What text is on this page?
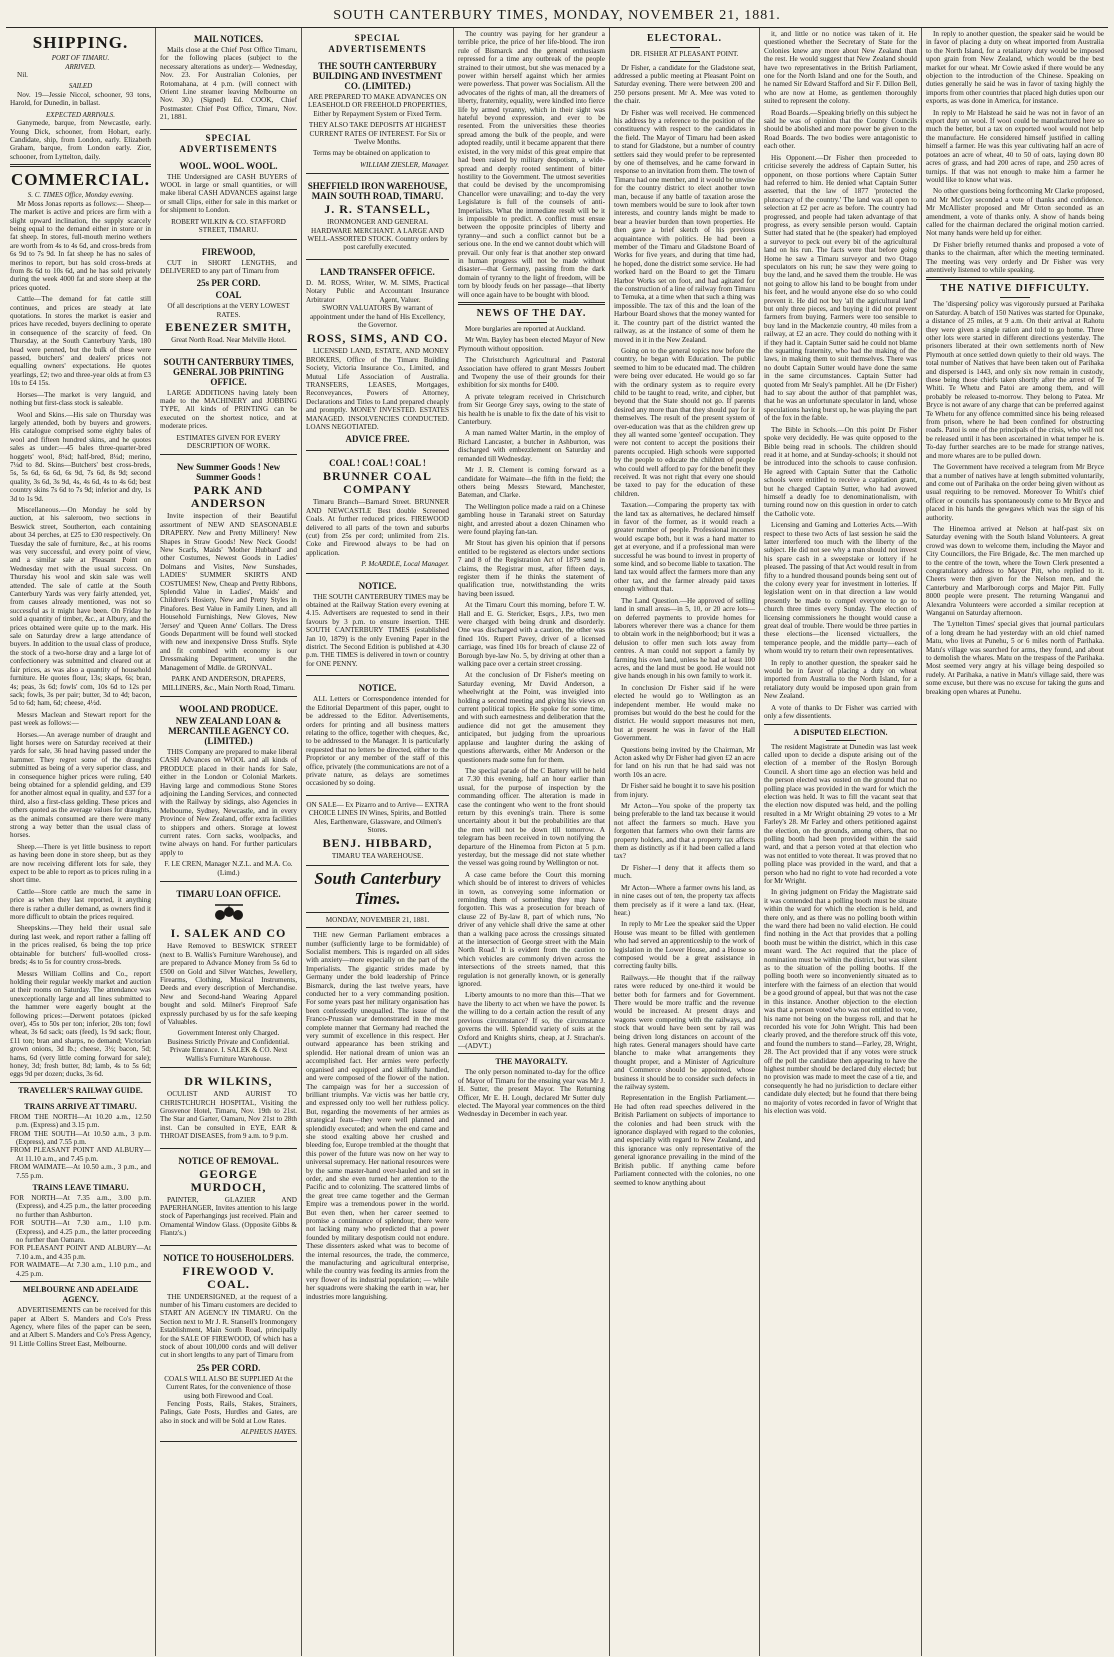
SOUTH CANTERBURY TIMES, MONDAY, NOVEMBER 21, 1881.
SHIPPING.
PORT OF TIMARU.
ARRIVED.

Nil.

SAILED

Nov. 19—Jessie Niccol, schooner, 93 tons, Harold, for Dunedin, in ballast.

EXPECTED ARRIVALS.

Ganymede, barque, from Newcastle, early. Young Dick, schooner, from Hobart, early. Candidate, ship, from London, early. Elizabeth Graham, barque, from London early. Zior, schooner, from Lyttelton, daily.

COMMERCIAL.
S. C. TIMES Office, Monday evening.

Mr Moss Jonas reports as follows:— Sheep—The market is active and prices are firm with a slight upward inclination, the supply scarcely being equal to the demand either in store or in fat sheep. In stores, full-mouth merino wethers are worth from 4s to 4s 6d, and cross-breds from 6s 9d to 7s 9d. In fat sheep he has no sales of merinos to report, but has sold cross-breds at from 8s 6d to 10s 6d, and he has sold privately during the week 4000 fat and store sheep at the prices quoted.

Cattle—The demand for fat cattle still continues, and prices are steady at late quotations. In stores the market is easier and prices have receded, buyers declining to operate in consequence of the scarcity of feed. On Thursday, at the South Canterbury Yards, 180 head were penned, but the bulk of these were passed, butchers' and dealers' prices not equalling owners' expectations. He quotes yearlings, £2; two and three-year olds at from £3 10s to £4 15s.

Horses—The market is very languid, and nothing but first-class stock is saleable.

Wool and Skins.—His sale on Thursday was largely attended, both by buyers and growers. His catalogue comprised some eighty bales of wool and fifteen hundred skins, and he quotes sales as under:—45 bales three-quarter-bred hoggets' wool, 8¼d; half-bred, 8¼d; merino, 7¼d to 8d. Skins—Butchers' best cross-breds, 5s, 5s 6d, 6s 6d, 6s 9d, 7s 6d, 8s 9d; second quality, 3s 6d, 3s 9d, 4s, 4s 6d, 4s to 4s 6d; best country skins 7s 6d to 7s 9d; inferior and dry, 1s 3d to 1s 9d.

Miscellaneous.—On Monday he sold by auction, at his saleroom, two sections in Beswick street, Southerton, each containing about 34 perches, at £25 to £30 respectively. On Tuesday the sale of furniture, &c., at his rooms was very successful, and every point of view, and a similar sale at Pleasant Point on Wednesday met with the usual success. On Thursday his wool and skin sale was well attended. The sale of cattle at the South Canterbury Yards was very fairly attended, yet, from causes already mentioned, was not so successful as it might have been. On Friday he sold a quantity of timber, &c., at Albury, and the prices obtained were quite up to the mark. His sale on Saturday drew a large attendance of buyers. In addition to the usual class of produce, the stock of a two-horse dray and a large lot of confectionery was submitted and cleared out at fair prices, as was also a quantity of household furniture. He quotes flour, 13s; skaps, 6s; bran, 4s; peas, 3s 6d; fowls' com, 10s 6d to 12s per sack; fowls, 3s per pair; butter, 3d to 4d; bacon, 5d to 6d; ham, 6d; cheese, 4½d.

Messrs Maclean and Stewart report for the past week as follows:—

Horses.—An average number of draught and light horses were on Saturday received at their yards for sale, 36 head having passed under the hammer. They regret some of the draughts submitted as being of a very superior class, and in consequence higher prices were ruling, £40 being obtained for a splendid gelding, and £39 for another almost equal in quality, and £37 for a third, also a first-class gelding. These prices and others quoted as the average values for draughts, as the animals consumed are there were many strong a way better than the usual class of horses.

Sheep.—There is yet little business to report as having been done in store sheep, but as they are now receiving different lots for sale, they expect to be able to report as to prices ruling in a short time.

Cattle—Store cattle are much the same in price as when they last reported, it anything there is rather a duller demand, as owners find it more difficult to obtain the prices required.

Sheepskins.—They held their usual sale during last week, and report rather a falling off in the prices realised, 6s being the top price obtainable for butchers' full-woolled cross-breds; 4s to 5s for country cross-breds.

Messrs William Collins and Co., report holding their regular weekly market and auction at their rooms on Saturday. The attendance was unexceptionally large and all lines submitted to the hammer were eagerly bought at the following prices:—Derwent potatoes (picked over), 45s to 50s per ton; inferior, 20s ton; fowl wheat, 3s 6d sack; oats (feed), 1s 9d sack; flour, £11 ton; bran and sharps, no demand; Victorian grown onions, 3d lb.; cheese, 3½; bacon, 5d; hams, 6d (very little coming forward for sale); honey, 3d; fresh butter, 8d; lamb, 4s to 5s 6d; eggs 9d per dozen; ducks, 3s 6d.

TRAVELLER'S RAILWAY GUIDE.
TRAINS ARRIVE AT TIMARU.
FROM THE NORTH—At 10.20 a.m., 12.50 p.m. (Express) and 3.15 p.m.
FROM THE SOUTH—At 10.50 a.m., 3 p.m. (Express), and 7.55 p.m.
FROM PLEASANT POINT AND ALBURY—At 11.10 a.m., and 7.45 p.m.
FROM WAIMATE—At 10.50 a.m., 3 p.m., and 7.55 p.m.
TRAINS LEAVE TIMARU.
FOR NORTH—At 7.35 a.m., 3.00 p.m. (Express), and 4.25 p.m., the latter proceeding no further than Ashburton.
FOR SOUTH—At 7.30 a.m., 1.10 p.m. (Express), and 4.25 p.m., the latter proceeding no further than Oamaru.
FOR PLEASANT POINT AND ALBURY—At 7.10 a.m., and 4.35 p.m.
FOR WAIMATE—At 7.30 a.m., 1.10 p.m., and 4.25 p.m.
MELBOURNE AND ADELAIDE AGENCY.

ADVERTISEMENTS can be received for this paper at Albert S. Manders and Co's Press Agency, where files of the paper can be seen, and at Albert S. Manders and Co's Press Agency, 91 Little Collins Street East, Melbourne.

MAIL NOTICES.

Mails close at the Chief Post Office Timaru, for the following places (subject to the necessary alterations as under):— Wednesday, Nov. 23. For Australian Colonies, per Rotomahana, at 4 p.m. (will connect with Orient Line steamer leaving Melbourne on Nov. 30.) (Signed) Ed. COOK, Chief Postmaster. Chief Post Office, Timaru, Nov. 21, 1881.

SPECIAL ADVERTISEMENTS
WOOL. WOOL. WOOL.

THE Undersigned are CASH BUYERS of WOOL in large or small quantities, or will make liberal CASH ADVANCES against large or small Clips, either for sale in this market or for shipment to London.

ROBERT WILKIN & CO. STAFFORD STREET, TIMARU.
FIREWOOD,

CUT in SHORT LENGTHS, and DELIVERED to any part of Timaru from

25s PER CORD.
COAL
Of all descriptions at the VERY LOWEST RATES.
EBENEZER SMITH,
Great North Road. Near Melville Hotel.
SOUTH CANTERBURY TIMES, GENERAL JOB PRINTING OFFICE.

LARGE ADDITIONS having lately been made to the MACHINERY and JOBBING TYPE, All kinds of PRINTING can be executed on the shortest notice, and at moderate prices.

ESTIMATES GIVEN FOR EVERY DESCRIPTION OF WORK.
New Summer Goods ! New Summer Goods !
PARK AND ANDERSON

Invite inspection of their Beautiful assortment of NEW AND SEASONABLE DRAPERY. New and Pretty Millinery! New Shapes in Straw Goods! New Neck Goods! New Scarfs, Maids' 'Mother Hubbard' and other Costumes, Newest Goods in Ladies' Dolmans and Visites, New Sunshades, LADIES' SUMMER SKIRTS AND COSTUMES! New, Cheap and Pretty Ribbons, Splendid Value in Ladies', Maids' and Children's Hosiery, New and Pretty Styles in Pinafores. Best Value in Family Linen, and all Household Furnishings, New Gloves, New 'Jersey' and 'Queen Anne' Collars. The Dress Goods Department will be found well stocked with new and inexpensive Dress Stuffs. Style and fit combined with economy is our Dressmaking Department, under the Management of Mdlle. de GRONVAL.

PARK AND ANDERSON, DRAPERS, MILLINERS, &c., Main North Road, Timaru.
WOOL AND PRODUCE.
NEW ZEALAND LOAN & MERCANTILE AGENCY CO. (LIMITED.)

THIS Company are prepared to make liberal CASH Advances on WOOL and all kinds of PRODUCE placed in their hands for Sale, either in the London or Colonial Markets. Having large and commodious Stone Stores adjoining the Landing Services, and connected with the Railway by sidings, also Agencies in Melbourne, Sydney, Newcastle, and in every Province of New Zealand, offer extra facilities to shippers and others. Storage at lowest current rates. Corn sacks, woolpacks, and twine always on hand. For further particulars apply to

F. LE CREN, Manager N.Z.L. and M.A. Co. (Limd.)
TIMARU LOAN OFFICE.
I. SALEK AND CO

Have Removed to BESWICK STREET (next to B. Wallis's Furniture Warehouse), and are prepared to Advance Money from 5s 6d to £500 on Gold and Silver Watches, Jewellery, Firearms, Clothing, Musical Instruments, Deeds and every description of Merchandise. New and Second-hand Wearing Apparel bought and sold. Milner's Fireproof Safe expressly purchased by us for the safe keeping of Valuables.

Government Interest only Charged.
Business Strictly Private and Confidential.
Private Entrance. I. SALEK & CO. Next Wallis's Furniture Warehouse.
DR WILKINS,

OCULIST AND AURIST TO CHRISTCHURCH HOSPITAL, Visiting the Grosvenor Hotel, Timaru, Nov. 19th to 21st. The Star and Garter, Oamaru, Nov 21st to 28th inst. Can be consulted in EYE, EAR & THROAT DISEASES, from 9 a.m. to 9 p.m.

NOTICE OF REMOVAL.
GEORGE MURDOCH,

PAINTER, GLAZIER AND PAPERHANGER, Invites attention to his large stock of Paperhangings just received. Plain and Ornamental Window Glass. (Opposite Gibbs & Flantz's.)

NOTICE TO HOUSEHOLDERS.
FIREWOOD V. COAL.

THE UNDERSIGNED, at the request of a number of his Timaru customers are decided to START AN AGENCY IN TIMARU. On the Section next to Mr J. R. Stansell's Ironmongery Establishment, Main South Road, principally for the SALE OF FIREWOOD, Of which has a stock of about 100,000 cords and will deliver cut in short lengths to any part of Timaru from

25s PER CORD.
COALS WILL ALSO BE SUPPLIED At the Current Rates, for the convenience of those using both Firewood and Coal.

Fencing Posts, Rails, Stakes, Strainers, Palings, Gate Posts, Hurdles and Gates, are also in stock and will be Sold at Low Rates.

ALPHEUS HAYES.
SPECIAL ADVERTISEMENTS
THE SOUTH CANTERBURY BUILDING AND INVESTMENT CO. (LIMITED.)

ARE PREPARED TO MAKE ADVANCES ON LEASEHOLD OR FREEHOLD PROPERTIES, Either by Repayment System or Fixed Term.

THEY ALSO TAKE DEPOSITS AT HIGHEST CURRENT RATES OF INTEREST. For Six or Twelve Months.

Terms may be obtained on application to

WILLIAM ZIESLER, Manager.
SHEFFIELD IRON WAREHOUSE, MAIN SOUTH ROAD, TIMARU.
J. R. STANSELL,

IRONMONGER AND GENERAL HARDWARE MERCHANT. A LARGE AND WELL-ASSORTED STOCK. Country orders by post carefully executed.

LAND TRANSFER OFFICE.
D. M. ROSS, Writer, Notary Public and Arbitrator
W. M. SIMS, Practical Accountant Insurance Agent, Valuer.

SWORN VALUATORS By warrant of appointment under the hand of His Excellency, the Governor.

ROSS, SIMS, AND CO.

LICENSED LAND, ESTATE, AND MONEY BROKERS, Office of the Timaru Building Society, Victoria Insurance Co., Limited, and Mutual Life Association of Australia. TRANSFERS, LEASES, Mortgages, Reconveyances, Powers of Attorney, Declarations and Titles to Land prepared cheaply and promptly. MONEY INVESTED. ESTATES MANAGED. INSOLVENCIES CONDUCTED. LOANS NEGOTIATED.

ADVICE FREE.
COAL ! COAL ! COAL !
BRUNNER COAL COMPANY

Timaru Branch—Barnard Street. BRUNNER AND NEWCASTLE Best double Screened Coals. At further reduced prices. FIREWOOD delivered to all parts of the town and suburbs (cut) from 25s per cord; unlimited from 21s. Coke and Firewood always to be had on application.

P. McARDLE, Local Manager.
NOTICE.

THE SOUTH CANTERBURY TIMES may be obtained at the Railway Station every evening at 4.15. Advertisers are requested to send in their favours by 3 p.m. to ensure insertion. THE SOUTH CANTERBURY TIMES (established Jan 10, 1879) is the only Evening Paper in the district. The Second Edition is published at 4.30 p.m. THE TIMES is delivered in town or country for ONE PENNY.

NOTICE.

ALL Letters or Correspondence intended for the Editorial Department of this paper, ought to be addressed to the Editor. Advertisements, orders for printing and all business matters relating to the office, together with cheques, &c, to be addressed to the Manager. It is particularly requested that no letters be directed, either to the Proprietor or any member of the staff of this office, privately (the communications are not of a private nature, as delays are sometimes occasioned by so doing.

ON SALE— Ex Pizarro and to Arrive— EXTRA CHOICE LINES IN Wines, Spirits, and Bottled Ales, Earthenware, Glassware, and Oilmen's Stores.

BENJ. HIBBARD,
TIMARU TEA WAREHOUSE.
South Canterbury Times.
MONDAY, NOVEMBER 21, 1881.

THE new German Parliament embraces a number (sufficiently large to be formidable) of Socialist members. This is regarded on all sides with anxiety—more especially on the part of the Imperialists. The gigantic strides made by Germany under the bold leadership of Prince Bismarck, during the last twelve years, have conducted her to a very commanding position. For some years past her military organisation has been confessedly unequalled. The issue of the Franco-Prussian war demonstrated in the most complete manner that Germany had reached the very summit of excellence in this respect. Her outward appearance has been striking and splendid. Her national dream of union was an accomplished fact. Her armies were perfectly organised and equipped and skilfully handled, and were composed of the flower of the nation. The campaign was for her a succession of brilliant triumphs. Væ victis was her battle cry, and expressed only too well her ruthless policy. But, regarding the movements of her armies as strategical feats—they were well planned and splendidly executed; and when the end came and she stood exalting above her crushed and bleeding foe, Europe trembled at the thought that this power of the future was now on her way to universal supremacy. Her national resources were by the same master-hand over-hauled and set in order, and she even turned her attention to the Pacific and to colonizing. The scattered limbs of the great tree came together and the German Empire was a tremendous power in the world. But even then, when her career seemed to promise a continuance of splendour, there were not lacking many who predicted that a power founded by military despotism could not endure. These dissenters asked what was to become of the internal resources, the trade, the commerce, the manufacturing and agricultural enterprise, while the country was feeding its armies from the very flower of its industrial population; — while her squadrons were shaking the earth in war, her industries more languishing.

The country was paying for her grandeur a terrible price, the price of her life-blood. The iron rule of Bismarck and the general enthusiasm repressed for a time any outbreak of the people strained to their utmost, but she was menaced by a power within herself against which her armies were powerless. That power was Socialism. All the advocates of the rights of man, all the dreamers of liberty, fraternity, equality, were kindled into fierce life by armed tyranny, which in their sight was hateful beyond expression, and ever to be resented. From the universities these theories spread among the bulk of the people, and were adopted readily, until it became apparent that there existed, in the very midst of this great empire that had been raised by military despotism, a wide-spread and deeply rooted sentiment of bitter hostility to the Government. The utmost severities that could be devised by the uncompromising Chancellor were unavailing; and to-day the very Legislature is full of the counsels of anti-Imperialists. What the immediate result will be it is impossible to predict. A conflict must ensue between the opposite principles of liberty and tyranny—and such a conflict cannot but be a serious one. In the end we cannot doubt which will prevail. Our only fear is that another step onward in human progress will not be made without disaster—that Germany, passing from the dark domain of tyranny to the light of freedom, will be torn by bloody feuds on her passage—that liberty will once again have to be bought with blood.

NEWS OF THE DAY.

More burglaries are reported at Auckland.

Mr Wm. Bayley has been elected Mayor of New Plymouth without opposition.

The Christchurch Agricultural and Pastoral Association have offered to grant Messrs Joubert and Twopeny the use of their grounds for their exhibition for six months for £400.

A private telegram received in Christchurch from Sir George Grey says, owing to the state of his health he is unable to fix the date of his visit to Canterbury.

A man named Walter Martin, in the employ of Richard Lancaster, a butcher in Ashburton, was discharged with embezzlement on Saturday and remanded till Wednesday.

Mr J. R. Clement is coming forward as a candidate for Waimate—the fifth in the field; the others being Messrs Steward, Manchester, Bateman, and Clarke.

The Wellington police made a raid on a Chinese gambling house in Taranaki street on Saturday night, and arrested about a dozen Chinamen who were found playing fan-tan.

Mr Stout has given his opinion that if persons entitled to be registered as electors under sections 7 and 8 of the Registration Act of 1879 send in claims, the Registrar must, after fifteen days, register them if he thinks the statement of qualification true, notwithstanding the writs having been issued.

At the Timaru Court this morning, before T. W. Hall and E. G. Stericker, Esqrs., J.P.s, two men were charged with being drunk and disorderly. One was discharged with a caution, the other was fined 10s. Rupert Pavey, driver of a licensed carriage, was fined 10s for breach of clause 22 of Borough bye-law No. 5, by driving at other than a walking pace over a certain street crossing.

At the conclusion of Dr Fisher's meeting on Saturday evening, Mr David Anderson, a wheelwright at the Point, was inveigled into holding a second meeting and giving his views on current political topics. He spoke for some time, and with such earnestness and deliberation that the audience did not get the amusement they anticipated, but judging from the uproarious applause and laughter during the asking of questions afterwards, either Mr Anderson or the questioners made some fun for them.

The special parade of the C Battery will be held at 7.30 this evening, half an hour earlier than usual, for the purpose of inspection by the commanding officer. The alteration is made in case the contingent who went to the front should return by this evening's train. There is some uncertainty about it but the probabilities are that the men will not be down till tomorrow. A telegram has been received in town notifying the departure of the Hinemoa from Picton at 5 p.m. yesterday, but the message did not state whether the vessel was going round by Wellington or not.

A case came before the Court this morning which should be of interest to drivers of vehicles in town, as conveying some information or reminding them of something they may have forgotten. This was a prosecution for breach of clause 22 of By-law 8, part of which runs, 'No driver of any vehicle shall drive the same at other than a walking pace across the crossings situated at the intersection of George street with the Main North Road.' It is evident from the caution to which vehicles are commonly driven across the intersections of the streets named, that this regulation is not generally known, or is generally ignored.

Liberty amounts to no more than this—That we have the liberty to act when we have the power. Is the willing to do a certain action the result of any previous circumstance? If so, the circumstance governs the will. Splendid variety of suits at the Oxford and Knights shirts, cheap, at J. Strachan's.—(ADVT.)

THE MAYORALTY.

The only person nominated to-day for the office of Mayor of Timaru for the ensuing year was Mr J. H. Sutter, the present Mayor. The Returning Officer, Mr E. H. Lough, declared Mr Sutter duly elected. The Mayoral year commences on the third Wednesday in December in each year.

ELECTORAL.
DR. FISHER AT PLEASANT POINT.

Dr Fisher, a candidate for the Gladstone seat, addressed a public meeting at Pleasant Point on Saturday evening. There were between 200 and 250 persons present. Mr A. Mee was voted to the chair.

Dr Fisher was well received. He commenced his address by a reference to the position of the constituency with respect to the candidates in the field. The Mayor of Timaru had been asked to stand for Gladstone, but a number of country settlers said they would prefer to be represented by one of themselves, and he came forward in response to an invitation from them. The town of Timaru had one member, and it would be unwise for the country district to elect another town man, because if any battle of taxation arose the town members would be sure to look after town interests, and country lands might be made to bear a heavier burden than town properties. He then gave a brief sketch of his previous acquaintance with politics. He had been a member of the Timaru and Gladstone Board of Works for five years, and during that time had, he hoped, done the district some service. He had worked hard on the Board to get the Timaru Harbor Works set on foot, and had agitated for the construction of a line of railway from Timaru to Temuka, at a time when that such a thing was impossible. The tax of this and the loan of the Harbour Board shows that the money wanted for it. The country part of the district wanted the railway, as at the instance of some of them he moved in it in the New Zealand.

Going on to the general topics now before the country, he began with Education. The public seemed to him to be educated mad. The children were being over educated. He would go so far with the ordinary system as to require every child to be taught to read, write, and cipher, but beyond that the State should not go. If parents desired any more than that they should pay for it themselves. The result of the present system of over-education was that as the children grew up they all wanted some 'genteel' occupation. They were not content to accept the positions their parents occupied. High schools were supported by the people to educate the children of people who could well afford to pay for the benefit they received. It was not right that every one should be taxed to pay for the education of these children.

Taxation.—Comparing the property tax with the land tax as alternatives, he declared himself in favor of the former, as it would reach a greater number of people. Professional incomes would escape both, but it was a hard matter to get at everyone, and if a professional man were successful he was bound to invest in property of some kind, and so become liable to taxation. The land tax would affect the farmers more than any other tax, and the farmer already paid taxes enough without that.

The Land Question.—He approved of selling land in small areas—in 5, 10, or 20 acre lots—on deferred payments to provide homes for laborers wherever there was a chance for them to obtain work in the neighborhood; but it was a delusion to offer men such lots away from centres. A man could not support a family by farming his own land, unless he had at least 100 acres, and the land must be good. He would not give hands enough in his own family to work it.

In conclusion Dr Fisher said if he were elected he would go to Wellington as an independent member. He would make no promises but would do the best he could for the district. He would support measures not men, but at present he was in favor of the Hall Government.

Questions being invited by the Chairman, Mr Acton asked why Dr Fisher had given £2 an acre for land on his run that he had said was not worth 10s an acre.

Dr Fisher said he bought it to save his position from injury.

Mr Acton—You spoke of the property tax being preferable to the land tax because it would not affect the farmers so much. Have you forgotten that farmers who own their farms are property holders, and that a property tax affects them as distinctly as if it had been called a land tax?

Dr Fisher—I deny that it affects them so much.

Mr Acton—Where a farmer owns his land, as in nine cases out of ten, the property tax affects them precisely as if it were a land tax. (Hear, hear.)

In reply to Mr Lee the speaker said the Upper House was meant to be filled with gentlemen who had served an apprenticeship to the work of legislation in the Lower House, and a House so composed would be a great assistance in correcting faulty bills.

Railways.—He thought that if the railway rates were reduced by one-third it would be better both for farmers and for Government. There would be more traffic and the revenue would be increased. At present drays and wagons were competing with the railways, and stock that would have been sent by rail was being driven long distances on account of the high rates. General managers should have carte blanche to make what arrangements they thought proper, and a Minister of Agriculture and Commerce should be appointed, whose business it should be to consider such defects in the railway system.

Representation in the English Parliament.—He had often read speeches delivered in the British Parliament on subjects of importance to the colonies and had been struck with the ignorance displayed with regard to the colonies, and especially with regard to New Zealand, and this ignorance was only representative of the general ignorance prevailing in the mind of the British public. If anything came before Parliament connected with the colonies, no one seemed to know anything about

it, and little or no notice was taken of it. He questioned whether the Secretary of State for the Colonies knew any more about New Zealand than the rest. He would suggest that New Zealand should have two representatives in the British Parliament, one for the North Island and one for the South, and he named Sir Edward Stafford and Sir F. Dillon Bell, who are now at Home, as gentlemen thoroughly suited to represent the colony.

Road Boards.—Speaking briefly on this subject he said he was of opinion that the County Councils should be abolished and more power be given to the Road Boards. The two bodies were antagonistic to each other.

His Opponent.—Dr Fisher then proceeded to criticise severely the address of Captain Sutter, his opponent, on those portions where Captain Sutter had referred to him. He denied what Captain Sutter asserted, that the law of 1877 'protected the plutocracy of the country.' The land was all open to selection at £2 per acre as before. The country had progressed, and people had taken advantage of that progress, as every sensible person would. Captain Sutter had stated that he (the speaker) had employed a surveyor to peck out every bit of the agricultural land on his run. The facts were that before going Home he saw a Timaru surveyor and two Otago speculators on his run; he saw they were going to buy the land, and he saved them the trouble. He was not going to allow his land to be bought from under his feet, and he would anyone else do so who could prevent it. He did not buy 'all the agricultural land' but only three pieces, and buying it did not prevent farmers from buying. Farmers were too sensible to buy land in the Mackenzie country, 40 miles from a railway, at £2 an acre. They could do nothing with it if they had it. Captain Sutter said he could not blame the squatting fraternity, who had the making of the laws, in making them to suit themselves. There was no doubt Captain Sutter would have done the same in the same circumstances. Captain Sutter had quoted from Mr Sealy's pamphlet. All he (Dr Fisher) had to say about the author of that pamphlet was, that he was an unfortunate speculator in land, whose speculations having burst up, he was playing the part of the fox in the fable.

The Bible in Schools.—On this point Dr Fisher spoke very decidedly. He was quite opposed to the Bible being read in schools. The children should read it at home, and at Sunday-schools; it should not be introduced into the schools to cause confusion. He agreed with Captain Sutter that the Catholic schools were entitled to receive a capitation grant, but he charged Captain Sutter, who had avowed himself a deadly foe to denominationalism, with turning round now on this question in order to catch the Catholic vote.

Licensing and Gaming and Lotteries Acts.—With respect to these two Acts of last session he said the latter interfered too much with the liberty of the subject. He did not see why a man should not invest his spare cash in a sweepstake or lottery if he pleased. The passing of that Act would result in from fifty to a hundred thousand pounds being sent out of the colony every year for investment in lotteries. If legislation went on in that direction a law would presently be made to compel everyone to go to church three times every Sunday. The election of licensing commissioners he thought would cause a great deal of trouble. There would be three parties in these elections—the licensed victuallers, the temperance people, and the middle party—each of whom would try to return their own representatives.

In reply to another question, the speaker said he would be in favor of placing a duty on wheat imported from Australia to the North Island, for a retaliatory duty would be imposed upon grain from New Zealand.

A vote of thanks to Dr Fisher was carried with only a few dissentients.

A DISPUTED ELECTION.

The resident Magistrate at Dunedin was last week called upon to decide a dispute arising out of the election of a member of the Roslyn Borough Council. A short time ago an election was held and the person elected was ousted on the ground that no polling place was provided in the ward for which the election was held. It was to fill the vacant seat that the election now disputed was held, and the polling resulted in a Mr Wright obtaining 29 votes to a Mr Farley's 28. Mr Farley and others petitioned against the election, on the grounds, among others, that no polling booth had been provided within the said ward, and that a person voted at that election who was not entitled to vote thereat. It was proved that no polling place was provided in the ward, and that a person who had no right to vote had recorded a vote for Mr Wright.

In giving judgment on Friday the Magistrate said it was contended that a polling booth must be situate within the ward for which the election is held, and there only, and as there was no polling booth within the ward there had been no valid election. He could find nothing in the Act that provides that a polling booth must be within the district, which in this case meant ward. The Act required that the place of nomination must be within the district, but was silent as to the situation of the polling booths. If the polling booth were so inconveniently situated as to interfere with the fairness of an election that would be a good ground of appeal, but that was not the case in this instance. Another objection to the election was that a person voted who was not entitled to vote, his name not being on the burgess roll, and that he recorded his vote for John Wright. This had been clearly proved, and the therefore struck off this vote, and found the numbers to stand—Farley, 28, Wright, 28. The Act provided that if any votes were struck off the poll the candidate then appearing to have the highest number should be declared duly elected; but no provision was made to meet the case of a tie, and consequently he had no jurisdiction to declare either candidate duly elected; but he found that there being no majority of votes recorded in favor of Wright that his election was void.

In reply to another question, the speaker said he would be in favor of placing a duty on wheat imported from Australia to the North Island, for a retaliatory duty would be imposed upon grain from New Zealand, which would be the best market for our wheat. Mr Cowie asked if there would be any objection to the introduction of the Chinese. Speaking on duties generally he said he was in favor of taxing highly the imports from other countries that placed high duties upon our exports, as was done in America, for instance.

In reply to Mr Halstead he said he was not in favor of an export duty on wool. If wool could be manufactured here so much the better, but a tax on exported wool would not help the manufacture. He considered himself justified in calling himself a farmer. He was this year cultivating half an acre of potatoes an acre of wheat, 40 to 50 of oats, laying down 80 acres of grass, and had 200 acres of rape, and 250 acres of turnips. If that was not enough to make him a farmer he would like to know what was.

No other questions being forthcoming Mr Clarke proposed, and Mr McCoy seconded a vote of thanks and confidence. Mr McAllister proposed and Mr Orton seconded as an amendment, a vote of thanks only. A show of hands being called for the chairman declared the original motion carried. Not many hands were held up for either.

Dr Fisher briefly returned thanks and proposed a vote of thanks to the chairman, after which the meeting terminated. The meeting was very orderly and Dr Fisher was very attentively listened to while speaking.

THE NATIVE DIFFICULTY.

The 'dispersing' policy was vigorously pursued at Parihaka on Saturday. A batch of 150 Natives was started for Opunake, a distance of 25 miles, at 9 a.m. On their arrival at Rahotu they were given a single ration and told to go home. Three other lots were started in different directions yesterday. The prisoners liberated at their own settlements north of New Plymouth at once settled down quietly to their old ways. The total number of Natives that have been taken out of Parihaka and dispersed is 1443, and only six now remain in custody, these being those chiefs taken shortly after the arrest of Te Whiti. Te Whetu and Patoi are among them, and will probably be released to-morrow. They belong to Patea. Mr Bryce is not aware of any charge that can be preferred against Te Whetu for any offence committed since his being released from prison, where he had been confined for obstructing roads. Patoi is one of the principals of the crisis, who will not be released until it has been ascertained in what temper he is. To-day further searches are to be made for strange natives, and more whares are to be pulled down.

The Government have received a telegram from Mr Bryce that a number of natives have at length submitted voluntarily, and come out of Parihaka on the order being given without as usual requiring to be removed. Moreover To Whiti's chief officer or councils has spontaneously come to Mr Bryce and placed in his hands the gewgaws which was the sign of his authority.

The Hinemoa arrived at Nelson at half-past six on Saturday evening with the South Island Volunteers. A great crowd was down to welcome them, including the Mayor and City Councillors, the Fire Brigade, &c. The men marched up to the centre of the town, where the Town Clerk presented a congratulatory address to Mayor Pitt, who replied to it. Cheers were then given for the Nelson men, and the Canterbury and Marlborough corps and Major Pitt. Fully 8000 people were present. The returning Wanganui and Alexandra Volunteers were accorded a similar reception at Wanganui on Saturday afternoon.

The 'Lyttelton Times' special gives that journal particulars of a long dream he had yesterday with an old chief named Matu, who lives at Punehu, 5 or 6 miles north of Parihaka. Matu's village was searched for arms, they found, and about to demolish the whares. Matu on the trespass of the Parihaka. Most seemed very angry at his village being despoiled so rudely. At Parihaka, a native in Matu's village said, there was some excuse, but there was no excuse for taking the guns and breaking open whares at Punehu.
